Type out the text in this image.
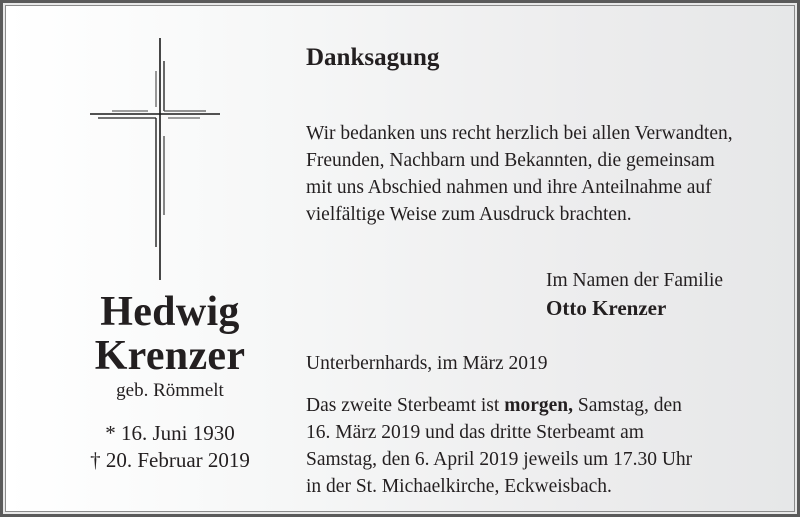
Hedwig
Krenzer
geb. Römmelt
* 16. Juni 1930
† 20. Februar 2019
Danksagung
Wir bedanken uns recht herzlich bei allen Verwandten,
Freunden, Nachbarn und Bekannten, die gemeinsam
mit uns Abschied nahmen und ihre Anteilnahme auf
vielfältige Weise zum Ausdruck brachten.
Im Namen der Familie
Otto Krenzer
Unterbernhards, im März 2019
Das zweite Sterbeamt ist morgen, Samstag, den
16. März 2019 und das dritte Sterbeamt am
Samstag, den 6. April 2019 jeweils um 17.30 Uhr
in der St. Michaelkirche, Eckweisbach.
